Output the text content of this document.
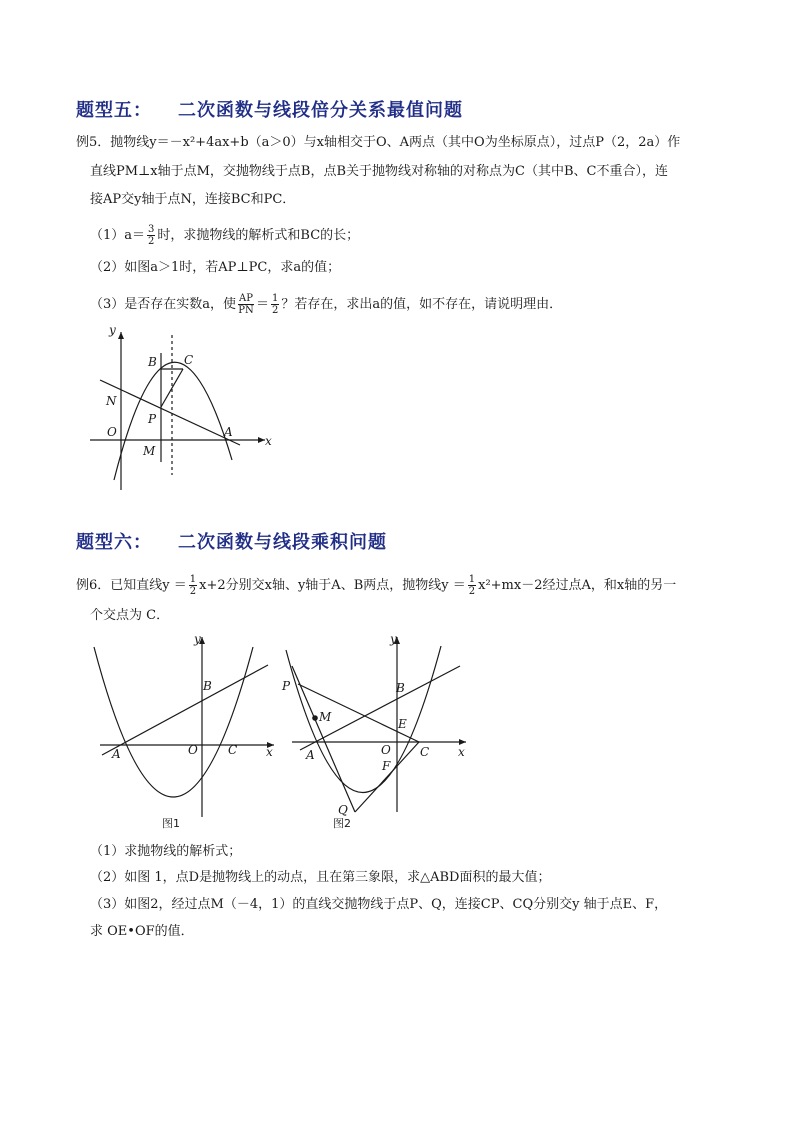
题型五： 二次函数与线段倍分关系最值问题
例5．抛物线y＝－x²+4ax+b（a＞0）与x轴相交于O、A两点（其中O为坐标原点），过点P（2，2a）作
直线PM⊥x轴于点M，交抛物线于点B，点B关于抛物线对称轴的对称点为C（其中B、C不重合），连
接AP交y轴于点N，连接BC和PC．
$(1)a= \frac{3}{2}$ 时，求抛物线的解析式和BC的长；
（2）如图a＞1时，若AP⊥PC，求a的值；
（3）是否存在实数a，使 $\frac{AP}{PN} = \frac{1}{2}$ ？若存在，求出a的值，如不存在，请说明理由．
y
x
B C
N
P
O	A
M
题型六： 二次函数与线段乘积问题
例6．已知直线$y = \frac{1}{2} x+2$分别交x轴、y轴于A、B两点，抛物线$y = \frac{1}{2} x^2+mx-2$经过点A，和x轴的另一
个交点为 C．
y
x
B
A	O	C
图1
y
x
P	B
M	E
A	O C
F
Q
图2
（1）求抛物线的解析式；
（2）如图 1，点D是抛物线上的动点，且在第三象限，求△ABD面积的最大值；
（3）如图2，经过点M（－4，1）的直线交抛物线于点P、Q，连接CP、CQ分别交y 轴于点E、F，
求 OE•OF的值．
